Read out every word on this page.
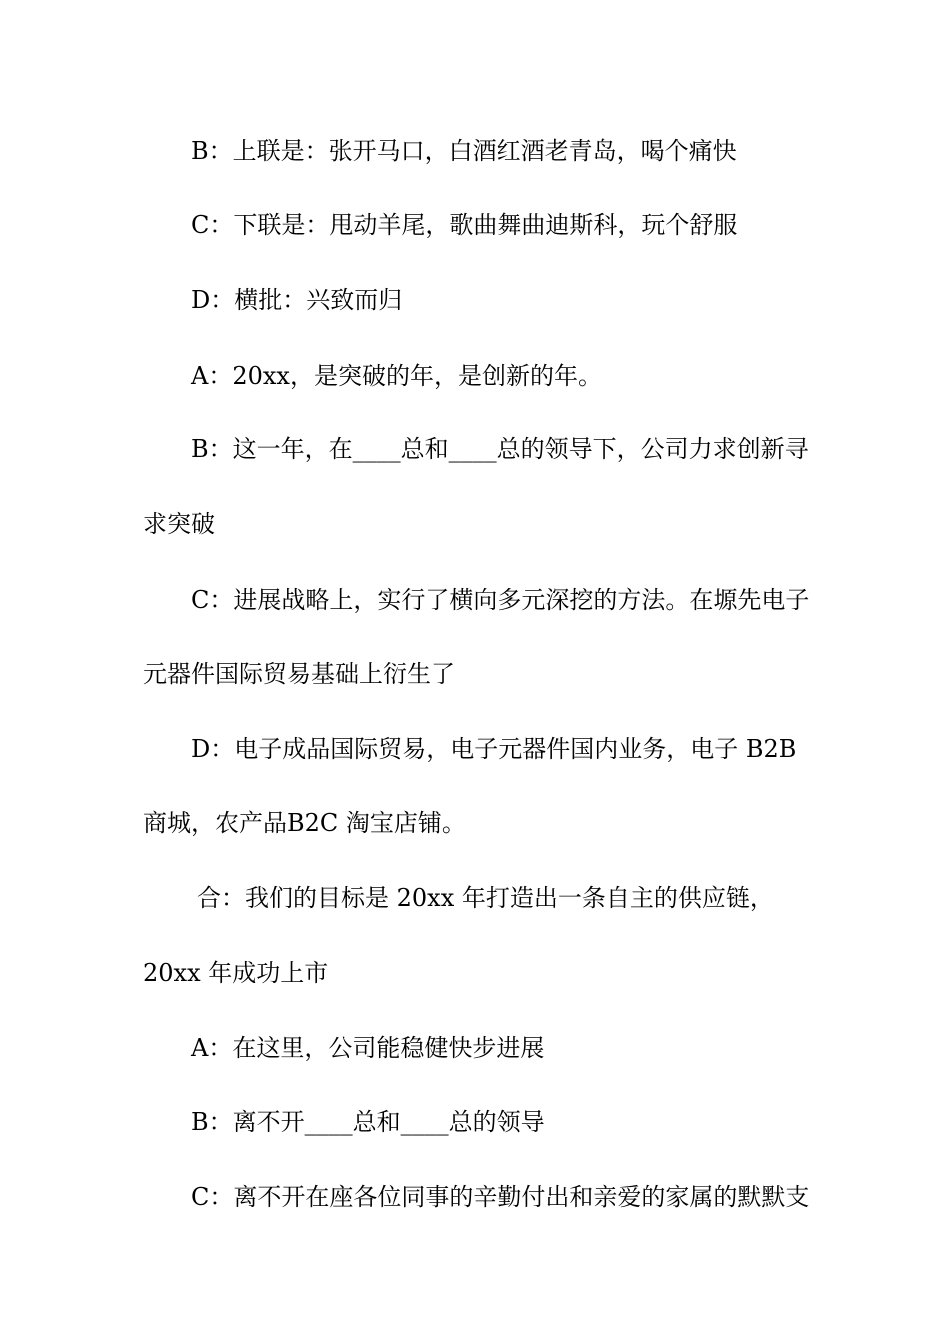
B：上联是：张开马口，白酒红酒老青岛，喝个痛快
C：下联是：甩动羊尾，歌曲舞曲迪斯科，玩个舒服
D：横批：兴致而归
A：20xx，是突破的年，是创新的年。
B：这一年，在____总和____总的领导下，公司力求创新寻
求突破
C：进展战略上，实行了横向多元深挖的方法。在塬先电子
元器件国际贸易基础上衍生了
D：电子成品国际贸易，电子元器件国内业务，电子 B2B
商城，农产品B2C 淘宝店铺。
合：我们的目标是 20xx 年打造出一条自主的供应链，
20xx 年成功上市
A：在这里，公司能稳健快步进展
B：离不开____总和____总的领导
C：离不开在座各位同事的辛勤付出和亲爱的家属的默默支
